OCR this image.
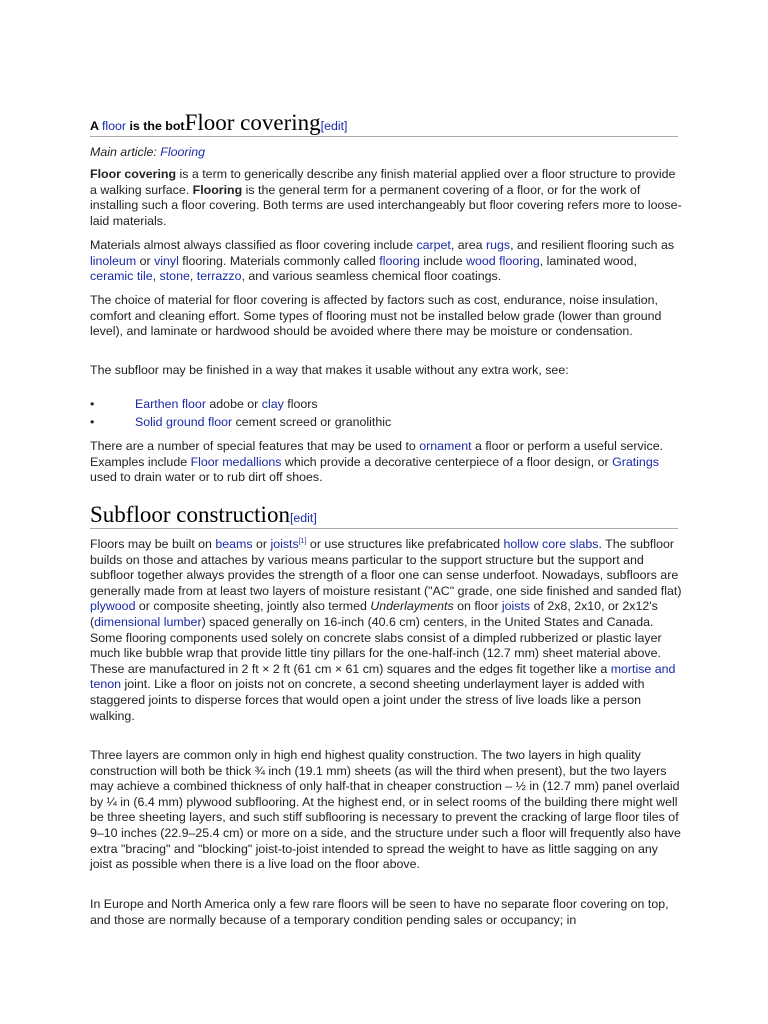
A floor is the botFloor covering[edit]
Main article: Flooring

Floor covering is a term to generically describe any finish material applied over a floor structure to provide a walking surface. Flooring is the general term for a permanent covering of a floor, or for the work of installing such a floor covering. Both terms are used interchangeably but floor covering refers more to loose-laid materials.

Materials almost always classified as floor covering include carpet, area rugs, and resilient flooring such as linoleum or vinyl flooring. Materials commonly called flooring include wood flooring, laminated wood, ceramic tile, stone, terrazzo, and various seamless chemical floor coatings.

The choice of material for floor covering is affected by factors such as cost, endurance, noise insulation, comfort and cleaning effort. Some types of flooring must not be installed below grade (lower than ground level), and laminate or hardwood should be avoided where there may be moisture or condensation.

The subfloor may be finished in a way that makes it usable without any extra work, see:

•	Earthen floor adobe or clay floors
•	Solid ground floor cement screed or granolithic

There are a number of special features that may be used to ornament a floor or perform a useful service. Examples include Floor medallions which provide a decorative centerpiece of a floor design, or Gratings used to drain water or to rub dirt off shoes.

Subfloor construction[edit]

Floors may be built on beams or joists[1] or use structures like prefabricated hollow core slabs. The subfloor builds on those and attaches by various means particular to the support structure but the support and subfloor together always provides the strength of a floor one can sense underfoot. Nowadays, subfloors are generally made from at least two layers of moisture resistant ("AC" grade, one side finished and sanded flat) plywood or composite sheeting, jointly also termed Underlayments on floor joists of 2x8, 2x10, or 2x12's (dimensional lumber) spaced generally on 16-inch (40.6 cm) centers, in the United States and Canada. Some flooring components used solely on concrete slabs consist of a dimpled rubberized or plastic layer much like bubble wrap that provide little tiny pillars for the one-half-inch (12.7 mm) sheet material above. These are manufactured in 2 ft × 2 ft (61 cm × 61 cm) squares and the edges fit together like a mortise and tenon joint. Like a floor on joists not on concrete, a second sheeting underlayment layer is added with staggered joints to disperse forces that would open a joint under the stress of live loads like a person walking.

Three layers are common only in high end highest quality construction. The two layers in high quality construction will both be thick ¾ inch (19.1 mm) sheets (as will the third when present), but the two layers may achieve a combined thickness of only half-that in cheaper construction – ½ in (12.7 mm) panel overlaid by ¼ in (6.4 mm) plywood subflooring. At the highest end, or in select rooms of the building there might well be three sheeting layers, and such stiff subflooring is necessary to prevent the cracking of large floor tiles of 9–10 inches (22.9–25.4 cm) or more on a side, and the structure under such a floor will frequently also have extra "bracing" and "blocking" joist-to-joist intended to spread the weight to have as little sagging on any joist as possible when there is a live load on the floor above.

In Europe and North America only a few rare floors will be seen to have no separate floor covering on top, and those are normally because of a temporary condition pending sales or occupancy; in
